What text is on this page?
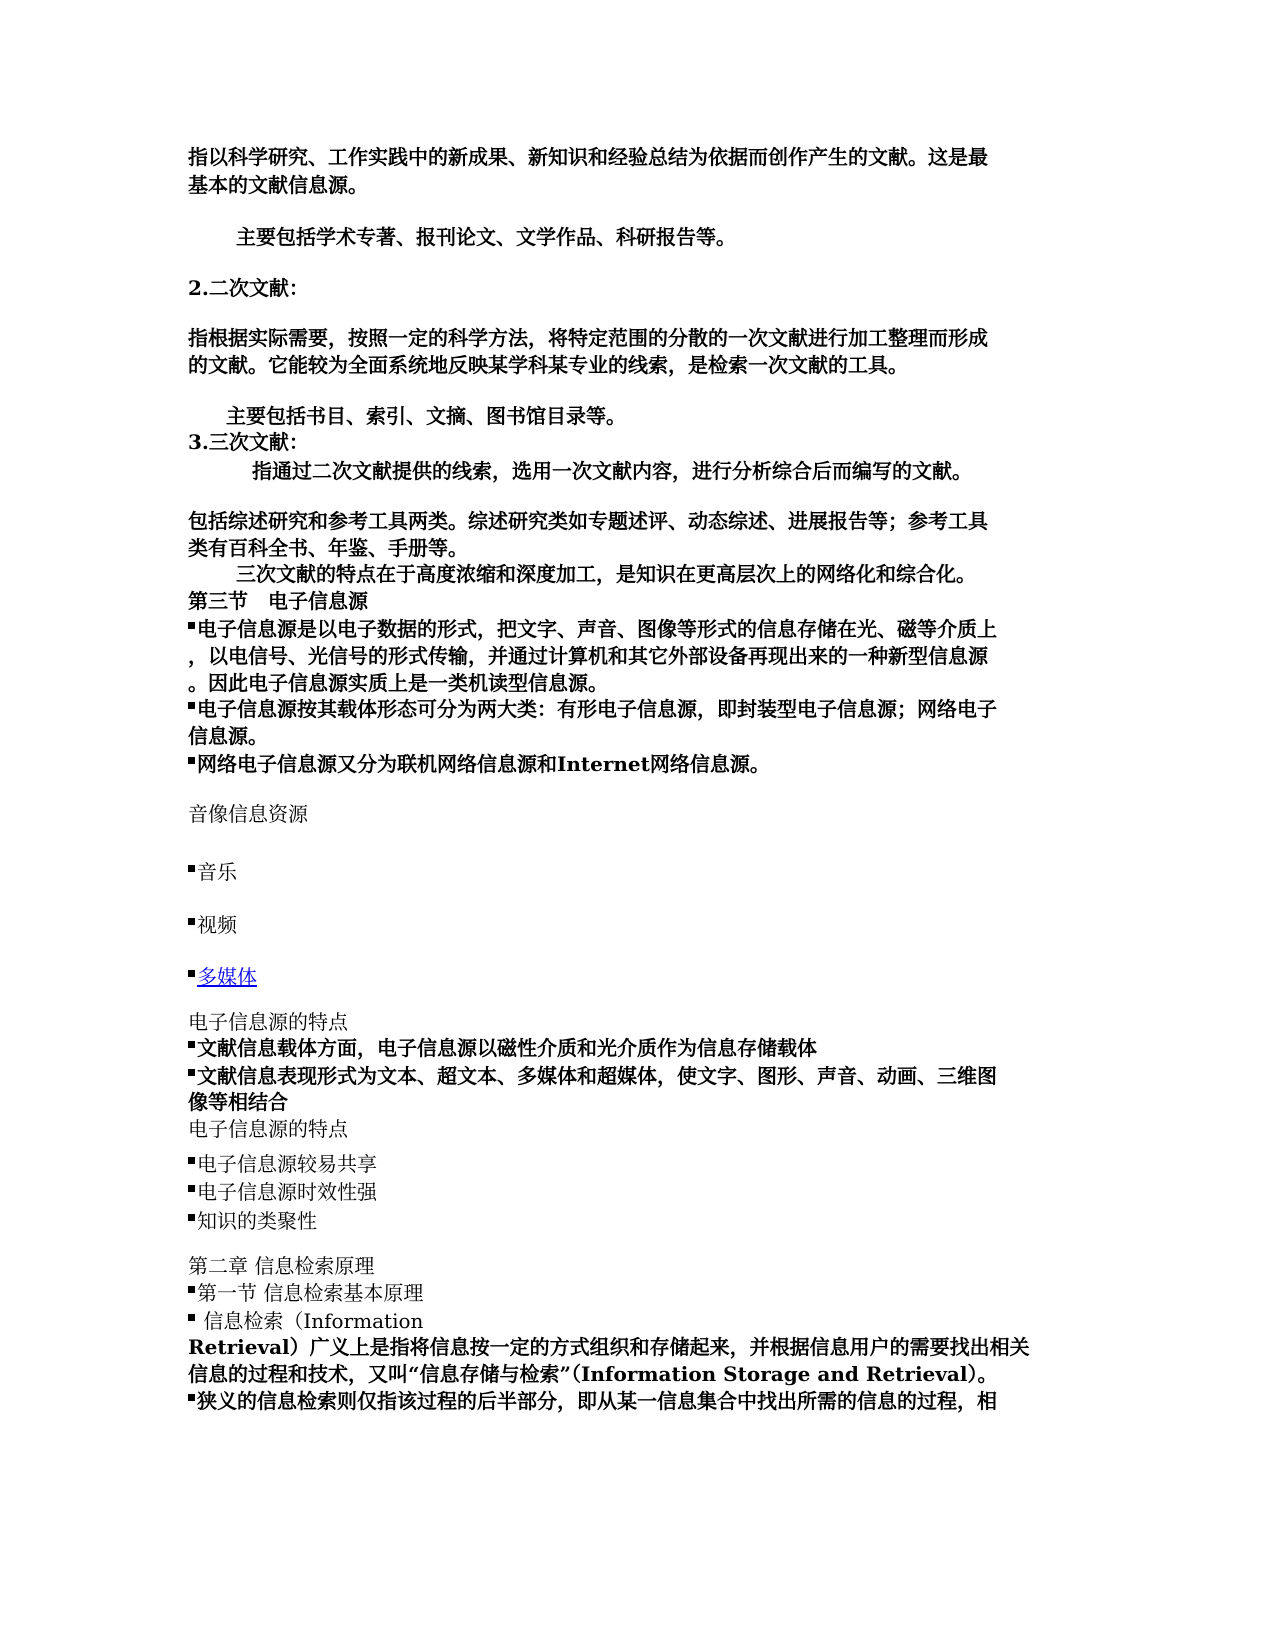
指以科学研究、工作实践中的新成果、新知识和经验总结为依据而创作产生的文献。这是最

基本的文献信息源。

主要包括学术专著、报刊论文、文学作品、科研报告等。

2.二次文献：

指根据实际需要，按照一定的科学方法，将特定范围的分散的一次文献进行加工整理而形成

的文献。它能较为全面系统地反映某学科某专业的线索，是检索一次文献的工具。

主要包括书目、索引、文摘、图书馆目录等。

3.三次文献：

指通过二次文献提供的线索，选用一次文献内容，进行分析综合后而编写的文献。

包括综述研究和参考工具两类。综述研究类如专题述评、动态综述、进展报告等；参考工具

类有百科全书、年鉴、手册等。

三次文献的特点在于高度浓缩和深度加工，是知识在更高层次上的网络化和综合化。

第三节　电子信息源

电子信息源是以电子数据的形式，把文字、声音、图像等形式的信息存储在光、磁等介质上

，以电信号、光信号的形式传输，并通过计算机和其它外部设备再现出来的一种新型信息源

。因此电子信息源实质上是一类机读型信息源。

电子信息源按其载体形态可分为两大类：有形电子信息源，即封装型电子信息源；网络电子

信息源。

网络电子信息源又分为联机网络信息源和Internet网络信息源。

音像信息资源

音乐

视频

多媒体

电子信息源的特点

文献信息载体方面，电子信息源以磁性介质和光介质作为信息存储载体

文献信息表现形式为文本、超文本、多媒体和超媒体，使文字、图形、声音、动画、三维图

像等相结合

电子信息源的特点

电子信息源较易共享

电子信息源时效性强

知识的类聚性

第二章 信息检索原理

第一节 信息检索基本原理

信息检索（Information

Retrieval）广义上是指将信息按一定的方式组织和存储起来，并根据信息用户的需要找出相关

信息的过程和技术，又叫“信息存储与检索”（Information Storage and Retrieval）。

狭义的信息检索则仅指该过程的后半部分，即从某一信息集合中找出所需的信息的过程，相
